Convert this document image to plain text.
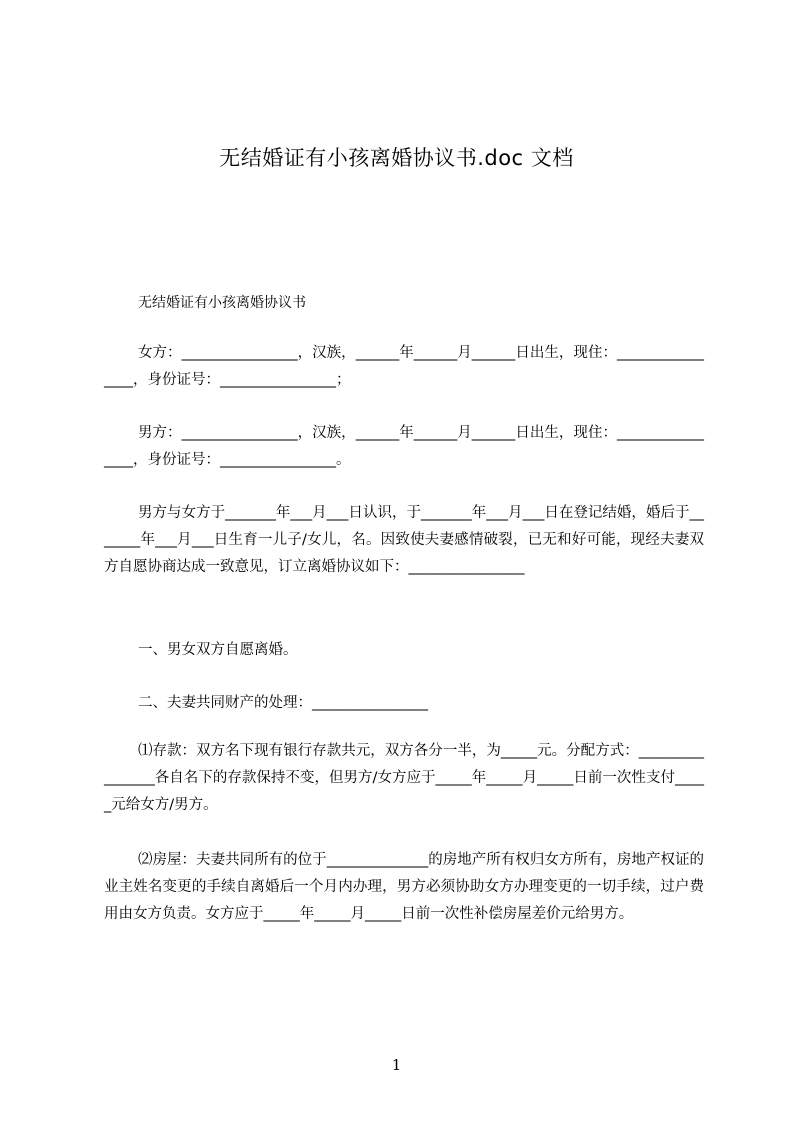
无结婚证有小孩离婚协议书.doc 文档
无结婚证有小孩离婚协议书
女方：________________，汉族，______年______月______日出生，现住：________________，身份证号：________________；
男方：________________，汉族，______年______月______日出生，现住：________________，身份证号：________________。
男方与女方于_______年___月___日认识，于_______年___月___日在登记结婚，婚后于_______年___月___日生育一儿子/女儿，名。因致使夫妻感情破裂，已无和好可能，现经夫妻双方自愿协商达成一致意见，订立离婚协议如下：________________
一、男女双方自愿离婚。
二、夫妻共同财产的处理：________________
⑴存款：双方名下现有银行存款共元，双方各分一半，为_____元。分配方式：________________各自名下的存款保持不变，但男方/女方应于_____年_____月_____日前一次性支付_____元给女方/男方。
⑵房屋：夫妻共同所有的位于______________的房地产所有权归女方所有，房地产权证的业主姓名变更的手续自离婚后一个月内办理，男方必须协助女方办理变更的一切手续，过户费用由女方负责。女方应于_____年_____月_____日前一次性补偿房屋差价元给男方。
1
